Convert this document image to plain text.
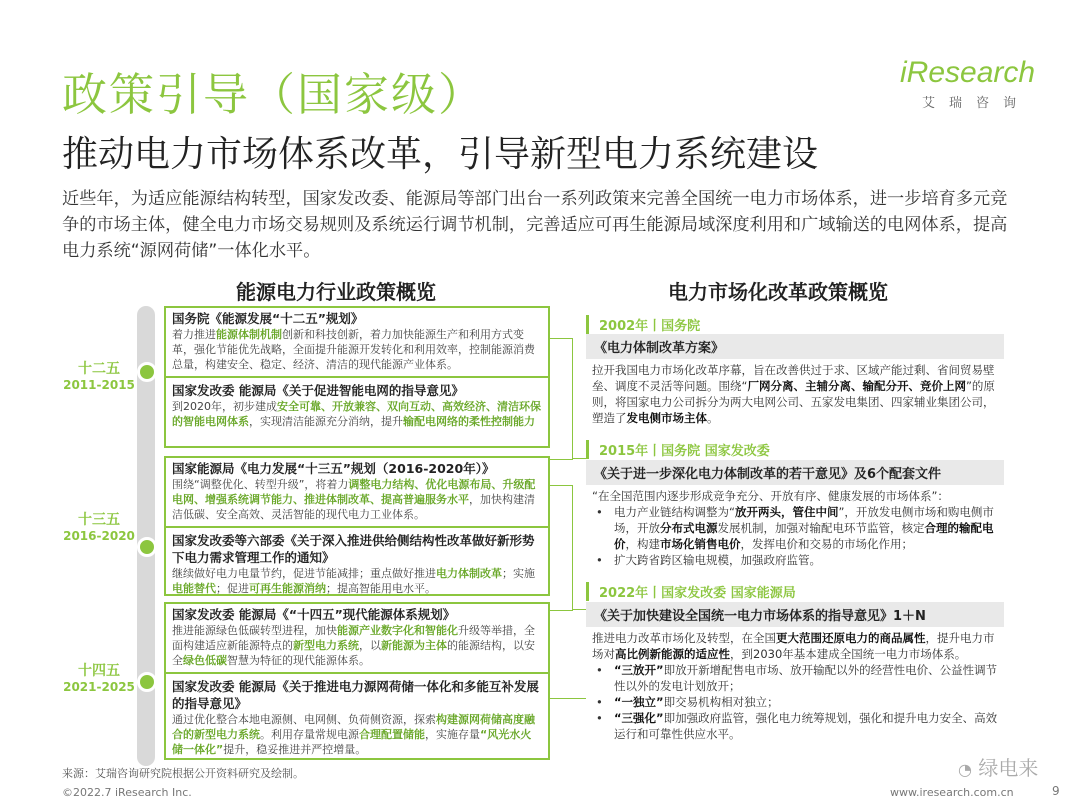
政策引导（国家级）
推动电力市场体系改革，引导新型电力系统建设
iResearch
艾瑞咨询
近些年，为适应能源结构转型，国家发改委、能源局等部门出台一系列政策来完善全国统一电力市场体系，进一步培育多元竞争的市场主体，健全电力市场交易规则及系统运行调节机制，完善适应可再生能源局域深度利用和广域输送的电网体系，提高电力系统“源网荷储”一体化水平。
能源电力行业政策概览	电力市场化改革政策概览
十二五
2011-2015
十三五
2016-2020
十四五
2021-2025
国务院《能源发展“十二五”规划》
着力推进能源体制机制创新和科技创新，着力加快能源生产和利用方式变革，强化节能优先战略，全面提升能源开发转化和利用效率，控制能源消费总量，构建安全、稳定、经济、清洁的现代能源产业体系。
国家发改委 能源局《关于促进智能电网的指导意见》
到2020年，初步建成安全可靠、开放兼容、双向互动、高效经济、清洁环保的智能电网体系，实现清洁能源充分消纳，提升输配电网络的柔性控制能力
国家能源局《电力发展“十三五”规划（2016-2020年）》
围绕“调整优化、转型升级”，将着力调整电力结构、优化电源布局、升级配电网、增强系统调节能力、推进体制改革、提高普遍服务水平，加快构建清洁低碳、安全高效、灵活智能的现代电力工业体系。
国家发改委等六部委《关于深入推进供给侧结构性改革做好新形势下电力需求管理工作的通知》
继续做好电力电量节约，促进节能减排；重点做好推进电力体制改革；实施电能替代；促进可再生能源消纳；提高智能用电水平。
国家发改委 能源局《“十四五”现代能源体系规划》
推进能源绿色低碳转型进程，加快能源产业数字化和智能化升级等举措，全面构建适应新能源特点的新型电力系统，以新能源为主体的能源结构，以安全绿色低碳智慧为特征的现代能源体系。
国家发改委 能源局《关于推进电力源网荷储一体化和多能互补发展的指导意见》
通过优化整合本地电源侧、电网侧、负荷侧资源，探索构建源网荷储高度融合的新型电力系统。利用存量常规电源合理配置储能，实施存量“风光水火储一体化”提升，稳妥推进并严控增量。
2002年丨国务院
《电力体制改革方案》
拉开我国电力市场化改革序幕，旨在改善供过于求、区域产能过剩、省间贸易壁垒、调度不灵活等问题。围绕“厂网分离、主辅分离、输配分开、竞价上网”的原则，将国家电力公司拆分为两大电网公司、五家发电集团、四家辅业集团公司，塑造了发电侧市场主体。
2015年丨国务院 国家发改委
《关于进一步深化电力体制改革的若干意见》及6个配套文件
“在全国范围内逐步形成竞争充分、开放有序、健康发展的市场体系”：
• 电力产业链结构调整为“放开两头，管住中间”，开放发电侧市场和购电侧市场，开放分布式电源发展机制，加强对输配电环节监管，核定合理的输配电价，构建市场化销售电价，发挥电价和交易的市场化作用；
• 扩大跨省跨区输电规模，加强政府监管。
2022年丨国家发改委 国家能源局
《关于加快建设全国统一电力市场体系的指导意见》1＋N
推进电力改革市场化及转型，在全国更大范围还原电力的商品属性，提升电力市场对高比例新能源的适应性，到2030年基本建成全国统一电力市场体系。
• “三放开”即放开新增配售电市场、放开输配以外的经营性电价、公益性调节性以外的发电计划放开；
• “一独立”即交易机构相对独立；
• “三强化”即加强政府监管，强化电力统筹规划，强化和提升电力安全、高效运行和可靠性供应水平。
来源：艾瑞咨询研究院根据公开资料研究及绘制。
©2022.7 iResearch Inc.	www.iresearch.com.cn	9
◔ 绿电来
